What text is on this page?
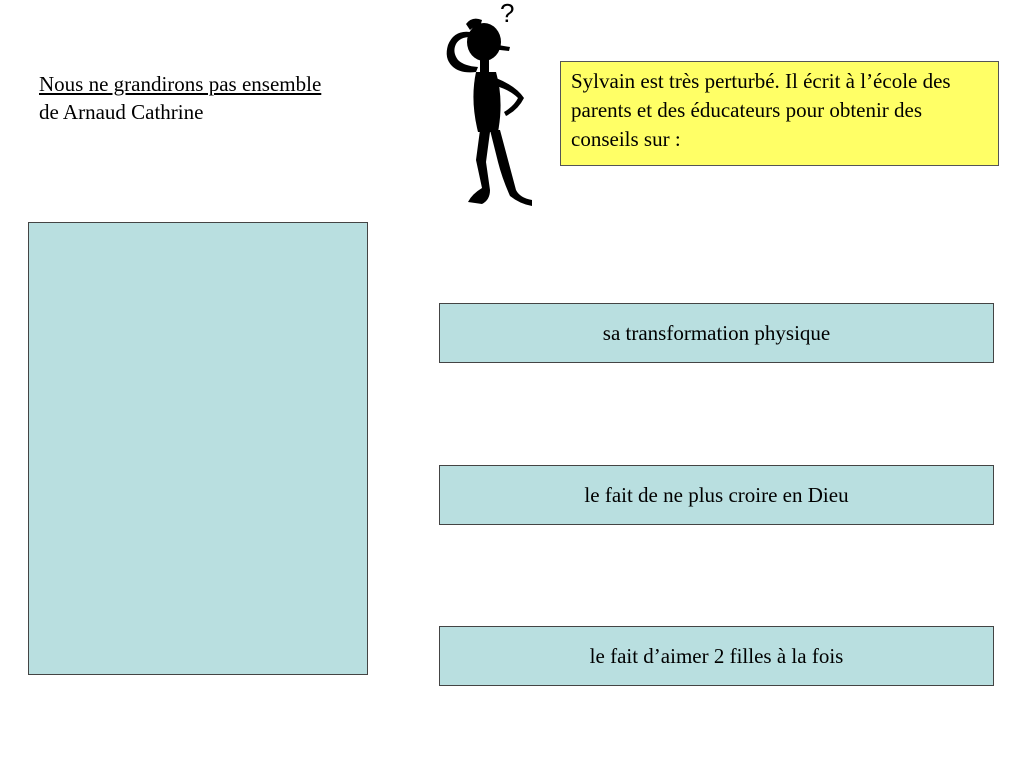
Nous ne grandirons pas ensemble
de Arnaud Cathrine
?
Sylvain est très perturbé. Il écrit à l’école des parents et des éducateurs pour obtenir des conseils sur :
sa transformation physique
le fait de ne plus croire en Dieu
le fait d’aimer 2 filles à la fois
